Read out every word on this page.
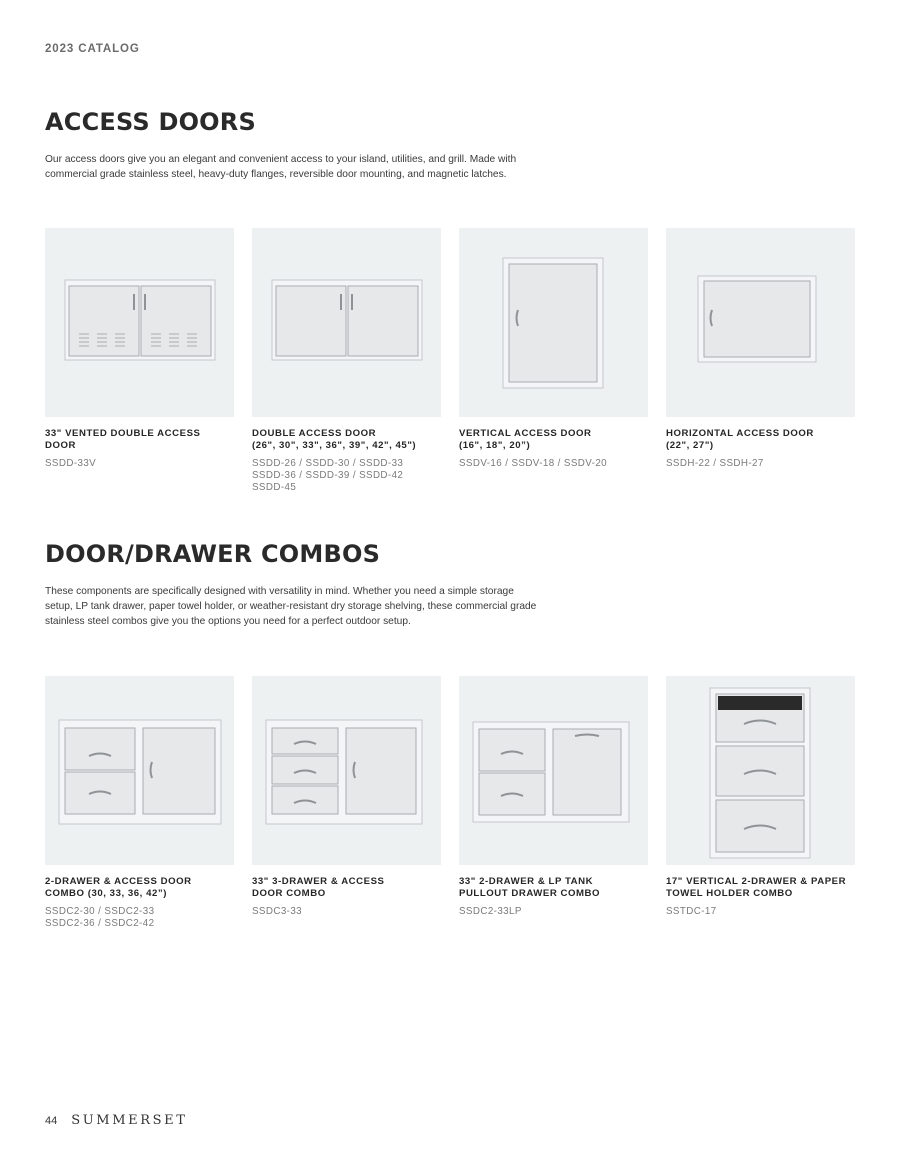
2023 CATALOG
ACCESS DOORS

Our access doors give you an elegant and convenient access to your island, utilities, and grill. Made with
commercial grade stainless steel, heavy-duty flanges, reversible door mounting, and magnetic latches.

33" VENTED DOUBLE ACCESS
DOOR
SSDD-33V
DOUBLE ACCESS DOOR
(26", 30", 33", 36", 39", 42", 45")
SSDD-26 / SSDD-30 / SSDD-33
SSDD-36 / SSDD-39 / SSDD-42
SSDD-45
VERTICAL ACCESS DOOR
(16", 18", 20”)
SSDV-16 / SSDV-18 / SSDV-20
HORIZONTAL ACCESS DOOR
(22", 27")
SSDH-22 / SSDH-27
DOOR/DRAWER COMBOS

These components are specifically designed with versatility in mind. Whether you need a simple storage
setup, LP tank drawer, paper towel holder, or weather-resistant dry storage shelving, these commercial grade
stainless steel combos give you the options you need for a perfect outdoor setup.

2-DRAWER & ACCESS DOOR
COMBO (30, 33, 36, 42”)
SSDC2-30 / SSDC2-33
SSDC2-36 / SSDC2-42
33" 3-DRAWER & ACCESS
DOOR COMBO
SSDC3-33
33" 2-DRAWER & LP TANK
PULLOUT DRAWER COMBO
SSDC2-33LP
17" VERTICAL 2-DRAWER & PAPER
TOWEL HOLDER COMBO
SSTDC-17
44 SUMMERSET
